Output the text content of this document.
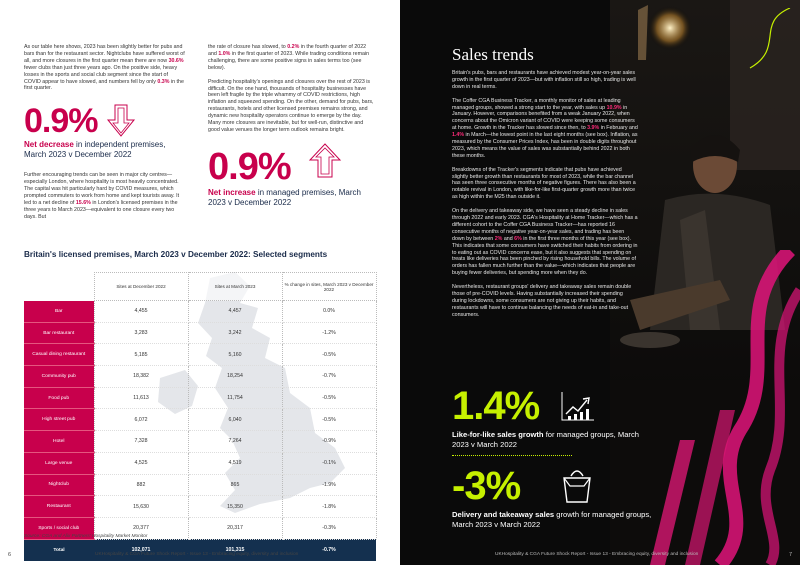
As our table here shows, 2023 has been slightly better for pubs and bars than for the restaurant sector. Nightclubs have suffered worst of all, and more closures in the first quarter mean there are now 30.6% fewer clubs than just three years ago. On the positive side, heavy losses in the sports and social club segment since the start of COVID appear to have slowed, and numbers fell by only 0.3% in the first quarter.

0.9%
Net decrease in independent premises, March 2023 v December 2022

Further encouraging trends can be seen in major city centres—especially London, where hospitality is most heavily concentrated. The capital was hit particularly hard by COVID measures, which prompted commuters to work from home and kept tourists away. It led to a net decline of 15.6% in London's licensed premises in the three years to March 2023—equivalent to one closure every two days. But

the rate of closure has slowed, to 0.2% in the fourth quarter of 2022 and 1.0% in the first quarter of 2023. While trading conditions remain challenging, there are some positive signs in sales terms too (see below).

Predicting hospitality's openings and closures over the rest of 2023 is difficult. On the one hand, thousands of hospitality businesses have been left fragile by the triple whammy of COVID restrictions, high inflation and squeezed spending. On the other, demand for pubs, bars, restaurants, hotels and other licensed premises remains strong, and dynamic new hospitality operators continue to emerge by the day. Many more closures are inevitable, but for well-run, distinctive and good value venues the longer term outlook remains bright.

0.9%
Net increase in managed premises, March 2023 v December 2022
Britain's licensed premises, March 2023 v December 2022: Selected segments
	Sites at December 2022	Sites at March 2023	% change in sites, March 2023 v December 2022
Bar	4,455	4,457	0.0%
Bar restaurant	3,283	3,242	-1.2%
Casual dining restaurant	5,185	5,160	-0.5%
Community pub	18,382	18,254	-0.7%
Food pub	11,613	11,754	-0.5%
High street pub	6,072	6,040	-0.5%
Hotel	7,328	7,264	-0.9%
Large venue	4,525	4,519	-0.1%
Nightclub	882	865	-1.9%
Restaurant	15,630	15,350	-1.8%
Sports / social club	20,377	20,317	-0.3%
Total	102,071	101,315	-0.7%
Source: CGA and Alix Partners' Hospitality Market Monitor
6	UKHospitality & CGA Future Shock Report - Issue 13 - Embracing equity, diversity and inclusion
Sales trends

Britain's pubs, bars and restaurants have achieved modest year-on-year sales growth in the first quarter of 2023—but with inflation still so high, trading is well down in real terms.

The Coffer CGA Business Tracker, a monthly monitor of sales at leading managed groups, showed a strong start to the year, with sales up 10.9% in January. However, comparisons benefited from a weak January 2022, when concerns about the Omicron variant of COVID were keeping some consumers at home. Growth in the Tracker has slowed since then, to 3.9% in February and 1.4% in March—the lowest point in the last eight months (see box). Inflation, as measured by the Consumer Prices Index, has been in double digits throughout 2023, which means the value of sales was substantially behind 2022 in both these months.

Breakdowns of the Tracker's segments indicate that pubs have achieved slightly better growth than restaurants for most of 2023, while the bar channel has seen three consecutive months of negative figures. There has also been a notable revival in London, with like-for-like first-quarter growth more than twice as high within the M25 than outside it.

On the delivery and takeaway side, we have seen a steady decline in sales through 2022 and early 2023. CGA's Hospitality at Home Tracker—which has a different cohort to the Coffer CGA Business Tracker—has reported 16 consecutive months of negative year-on-year sales, and trading has been down by between 2% and 6% in the first three months of this year (see box). This indicates that some consumers have switched their habits from ordering in to eating out as COVID concerns ease, but it also suggests that spending on treats like deliveries has been pinched by rising household bills. The volume of orders has fallen much further than the value—which indicates that people are buying fewer deliveries, but spending more when they do.

Nevertheless, restaurant groups' delivery and takeaway sales remain double those of pre-COVID levels. Having substantially increased their spending during lockdowns, some consumers are not giving up their habits, and restaurants will have to continue balancing the needs of eat-in and take-out consumers.

1.4%
Like-for-like sales growth for managed groups, March 2023 v March 2022
-3%
Delivery and takeaway sales growth for managed groups, March 2023 v March 2022
UKHospitality & CGA Future Shock Report - Issue 13 - Embracing equity, diversity and inclusion	7
